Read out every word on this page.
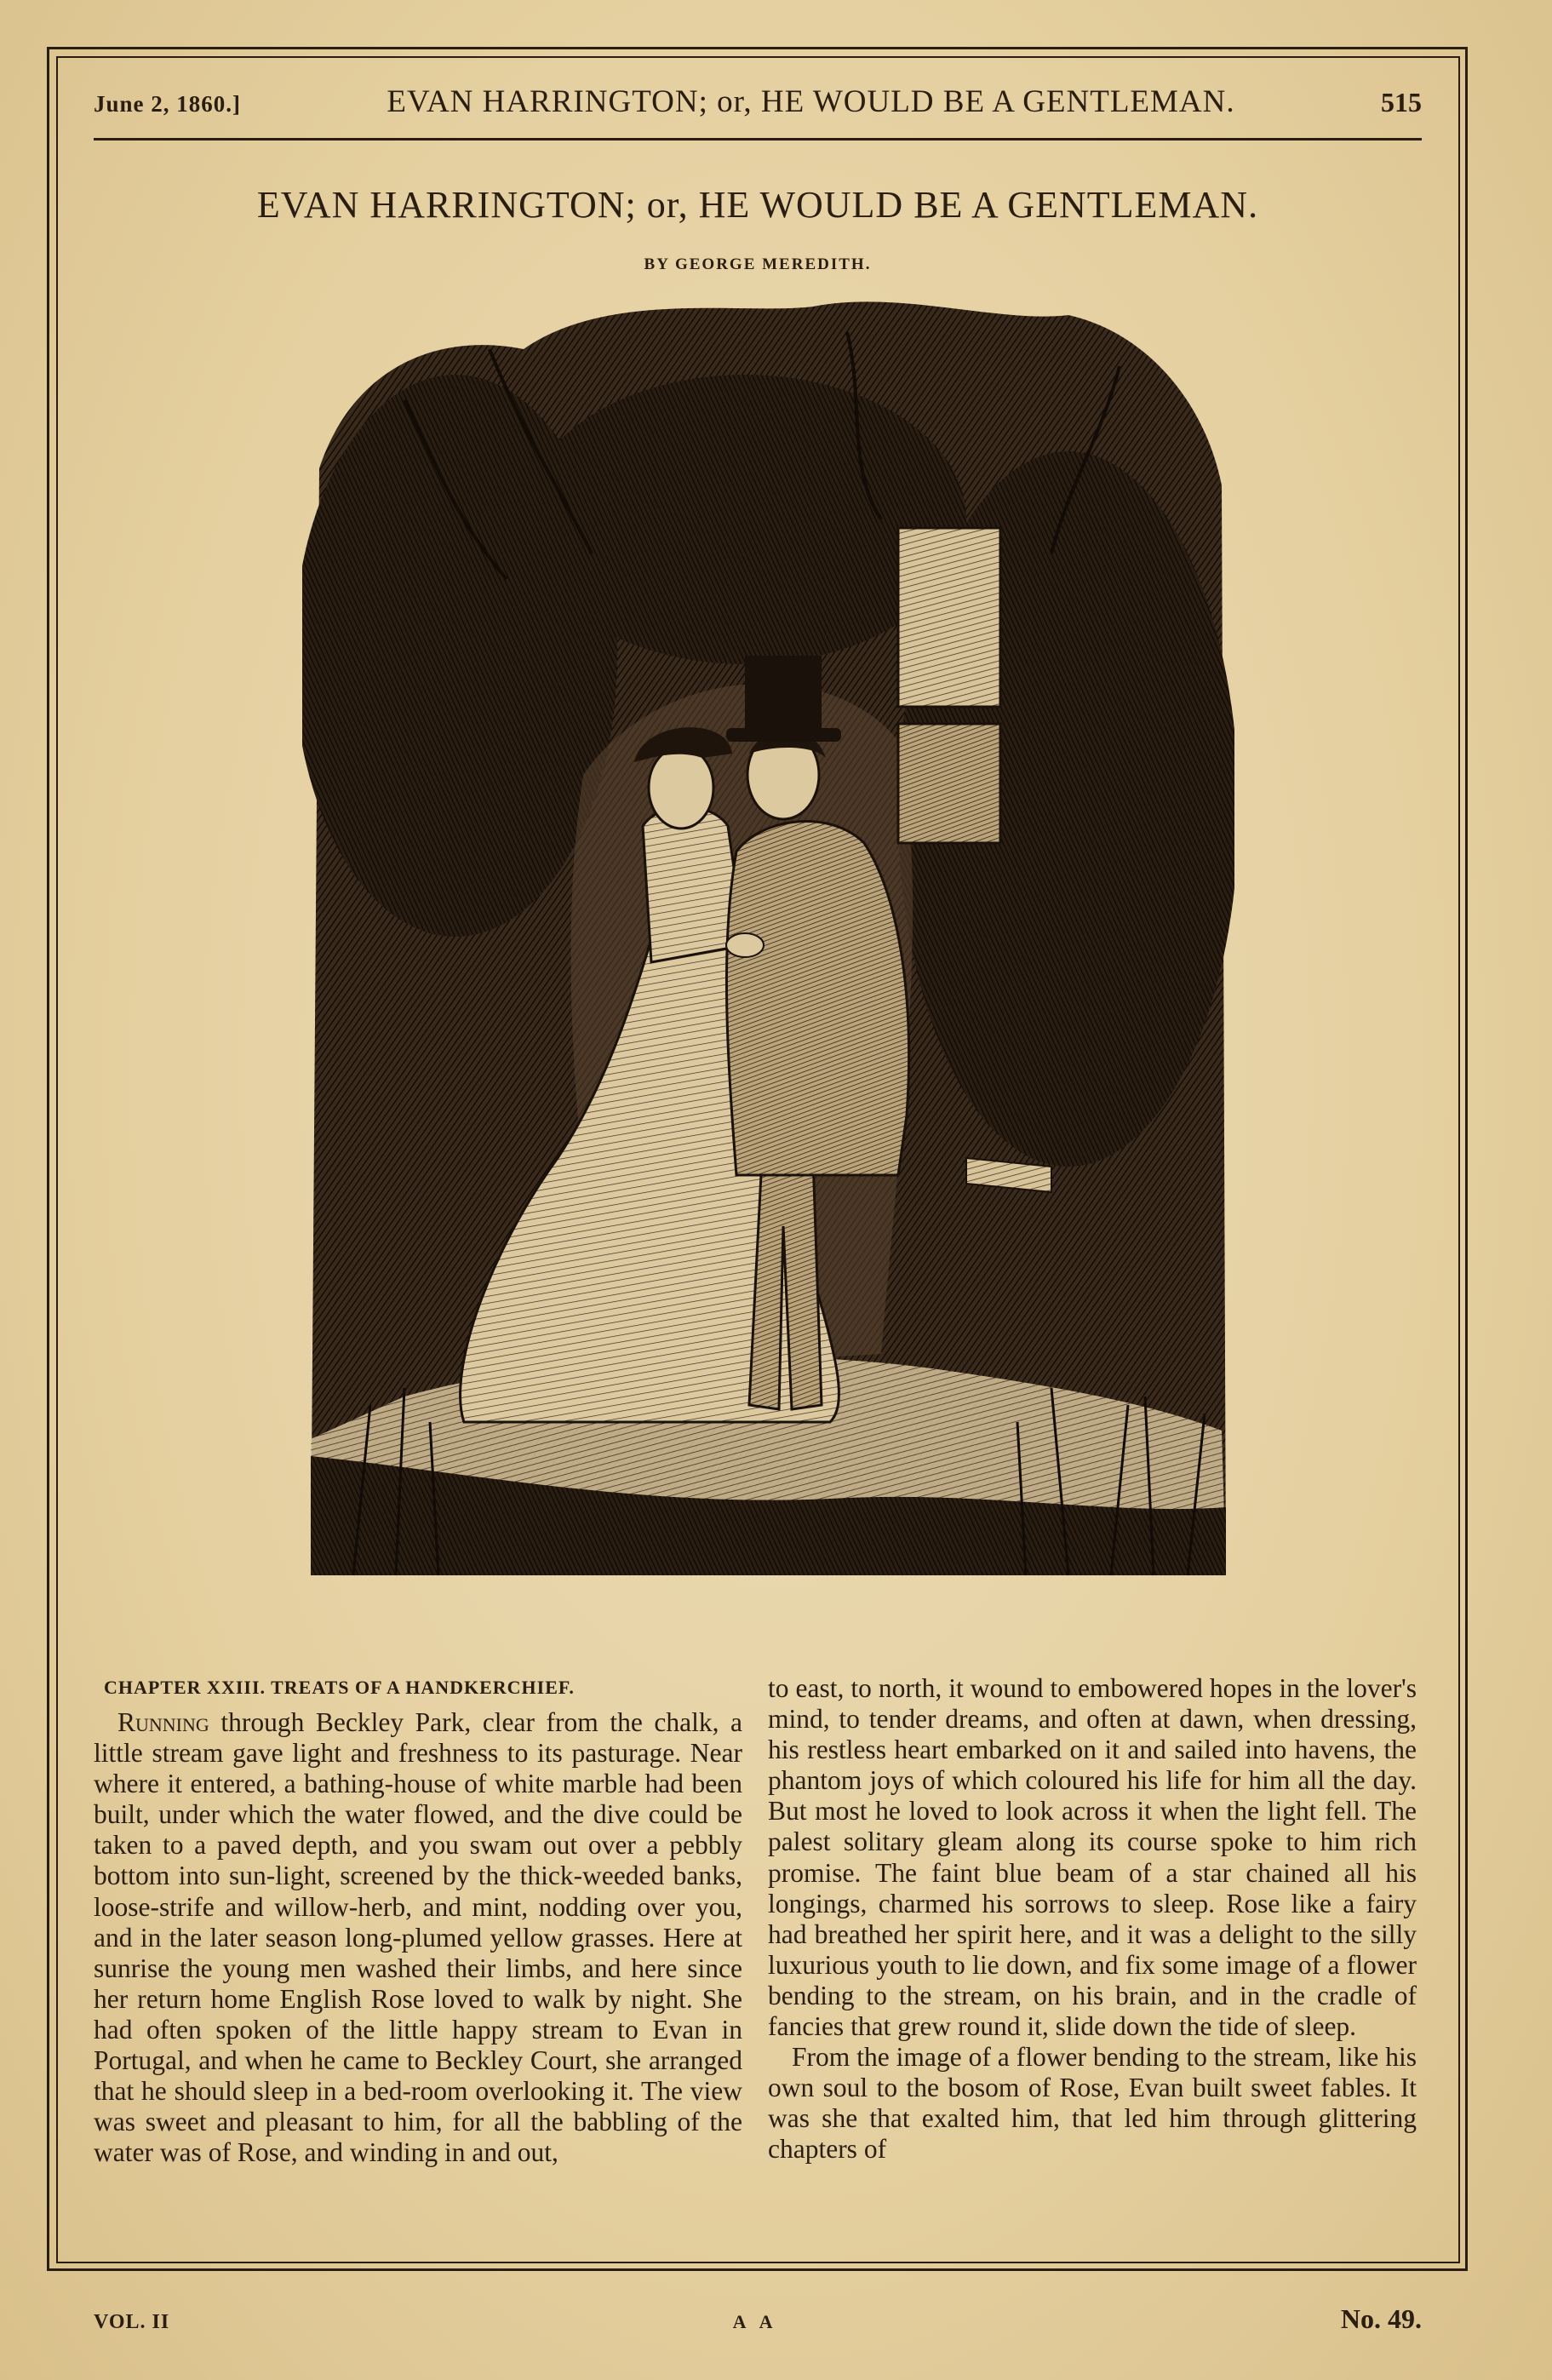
June 2, 1860.]	EVAN HARRINGTON; or, HE WOULD BE A GENTLEMAN.	515
EVAN HARRINGTON; or, HE WOULD BE A GENTLEMAN.
BY GEORGE MEREDITH.
CHAPTER XXIII. TREATS OF A HANDKERCHIEF.

Running through Beckley Park, clear from the chalk, a little stream gave light and freshness to its pasturage. Near where it entered, a bathing-house of white marble had been built, under which the water flowed, and the dive could be taken to a paved depth, and you swam out over a pebbly bottom into sun-light, screened by the thick-weeded banks, loose-strife and willow-herb, and mint, nodding over you, and in the later season long-plumed yellow grasses. Here at sunrise the young men washed their limbs, and here since her return home English Rose loved to walk by night. She had often spoken of the little happy stream to Evan in Portugal, and when he came to Beckley Court, she arranged that he should sleep in a bed-room overlooking it. The view was sweet and pleasant to him, for all the babbling of the water was of Rose, and winding in and out,

to east, to north, it wound to embowered hopes in the lover's mind, to tender dreams, and often at dawn, when dressing, his restless heart embarked on it and sailed into havens, the phantom joys of which coloured his life for him all the day. But most he loved to look across it when the light fell. The palest solitary gleam along its course spoke to him rich promise. The faint blue beam of a star chained all his longings, charmed his sorrows to sleep. Rose like a fairy had breathed her spirit here, and it was a delight to the silly luxurious youth to lie down, and fix some image of a flower bending to the stream, on his brain, and in the cradle of fancies that grew round it, slide down the tide of sleep.

From the image of a flower bending to the stream, like his own soul to the bosom of Rose, Evan built sweet fables. It was she that exalted him, that led him through glittering chapters of

VOL. II	A A	No. 49.
